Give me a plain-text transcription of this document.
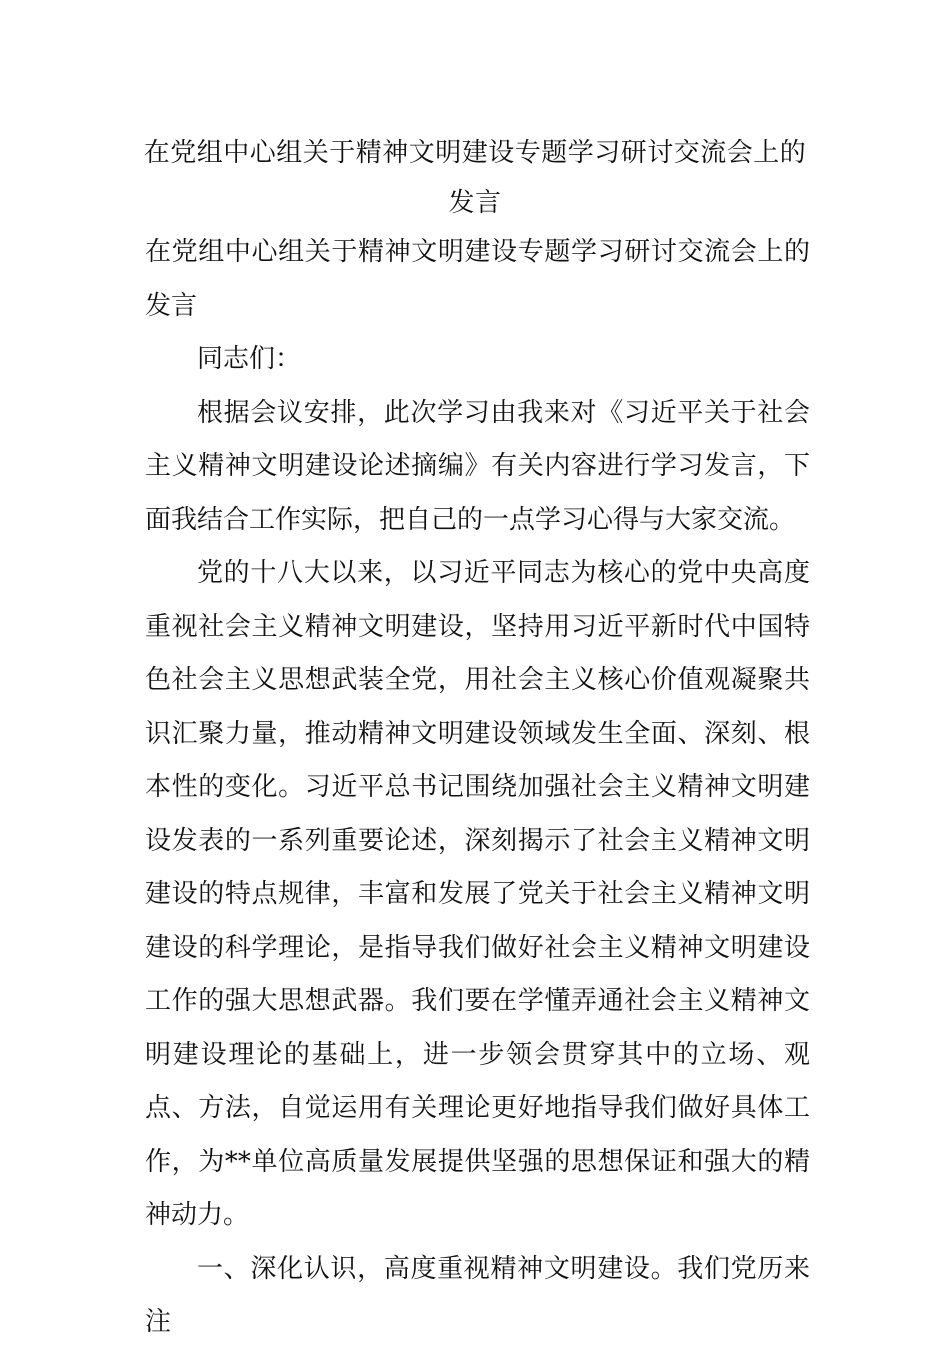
在党组中心组关于精神文明建设专题学习研讨交流会上的发言

在党组中心组关于精神文明建设专题学习研讨交流会上的发言

同志们：

根据会议安排，此次学习由我来对《习近平关于社会主义精神文明建设论述摘编》有关内容进行学习发言，下面我结合工作实际，把自己的一点学习心得与大家交流。

党的十八大以来，以习近平同志为核心的党中央高度重视社会主义精神文明建设，坚持用习近平新时代中国特色社会主义思想武装全党，用社会主义核心价值观凝聚共识汇聚力量，推动精神文明建设领域发生全面、深刻、根本性的变化。习近平总书记围绕加强社会主义精神文明建设发表的一系列重要论述，深刻揭示了社会主义精神文明建设的特点规律，丰富和发展了党关于社会主义精神文明建设的科学理论，是指导我们做好社会主义精神文明建设工作的强大思想武器。我们要在学懂弄通社会主义精神文明建设理论的基础上，进一步领会贯穿其中的立场、观点、方法，自觉运用有关理论更好地指导我们做好具体工作，为**单位高质量发展提供坚强的思想保证和强大的精神动力。

一、深化认识，高度重视精神文明建设。我们党历来注
